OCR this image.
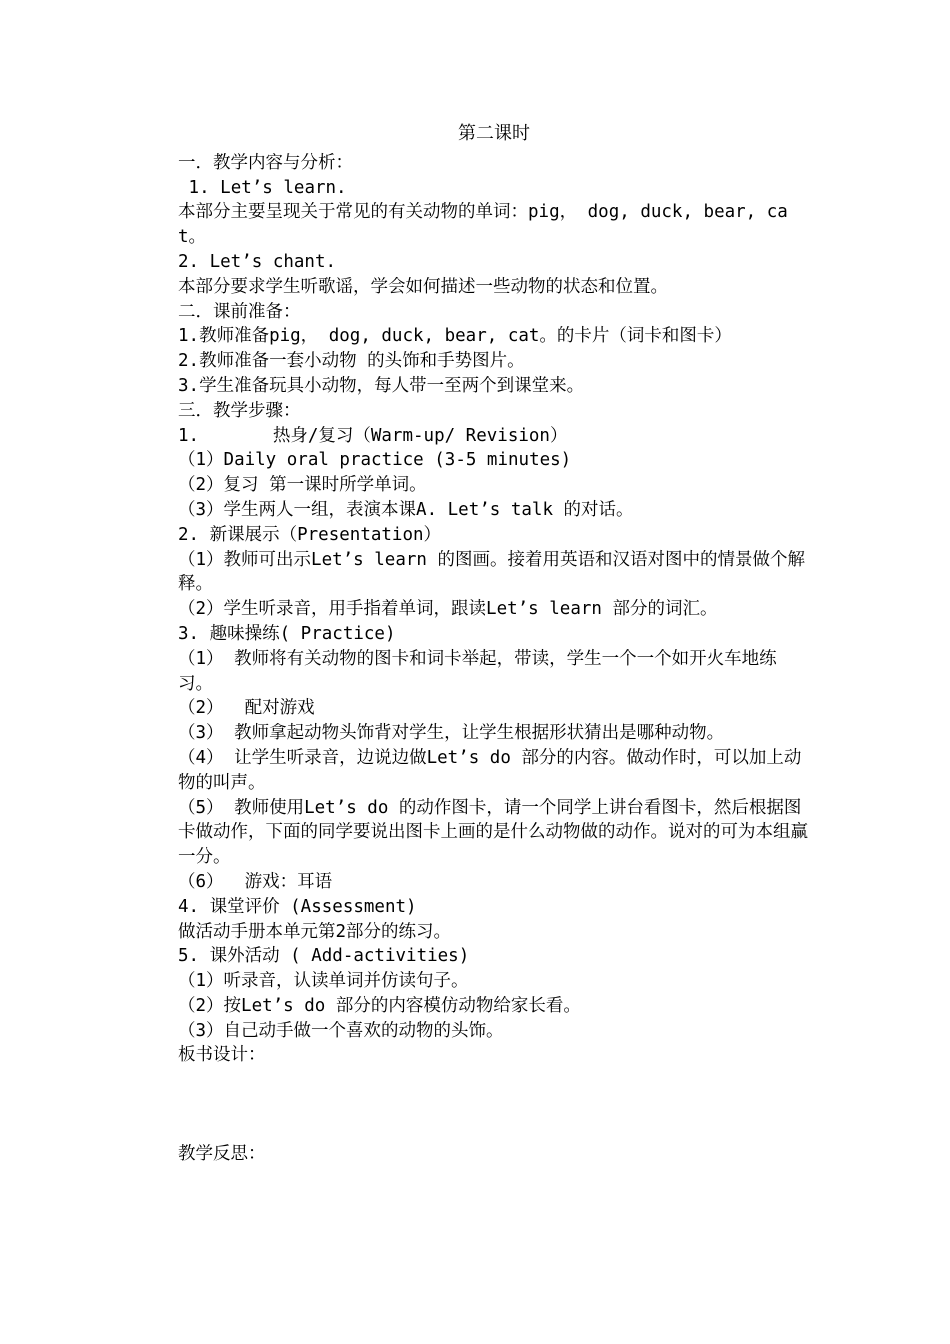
第二课时
一．教学内容与分析：
1. Let’s learn.
本部分主要呈现关于常见的有关动物的单词：pig， dog, duck, bear, cat。
2. Let’s chant.
本部分要求学生听歌谣，学会如何描述一些动物的状态和位置。
二．课前准备：
1.教师准备pig， dog, duck, bear, cat。的卡片（词卡和图卡）
2.教师准备一套小动物 的头饰和手势图片。
3.学生准备玩具小动物，每人带一至两个到课堂来。
三．教学步骤：
1.       热身/复习（Warm-up/ Revision）
（1）Daily oral practice (3-5 minutes)
（2）复习 第一课时所学单词。
（3）学生两人一组，表演本课A. Let’s talk 的对话。
2. 新课展示（Presentation）
（1）教师可出示Let’s learn 的图画。接着用英语和汉语对图中的情景做个解释。
（2）学生听录音，用手指着单词，跟读Let’s learn 部分的词汇。
3. 趣味操练( Practice)
（1） 教师将有关动物的图卡和词卡举起，带读，学生一个一个如开火车地练习。
（2）  配对游戏
（3） 教师拿起动物头饰背对学生，让学生根据形状猜出是哪种动物。
（4） 让学生听录音，边说边做Let’s do 部分的内容。做动作时，可以加上动物的叫声。
（5） 教师使用Let’s do 的动作图卡，请一个同学上讲台看图卡，然后根据图卡做动作，下面的同学要说出图卡上画的是什么动物做的动作。说对的可为本组赢一分。
（6）  游戏：耳语
4. 课堂评价 (Assessment)
做活动手册本单元第2部分的练习。
5. 课外活动 ( Add-activities)
（1）听录音，认读单词并仿读句子。
（2）按Let’s do 部分的内容模仿动物给家长看。
（3）自己动手做一个喜欢的动物的头饰。
板书设计：
教学反思：
